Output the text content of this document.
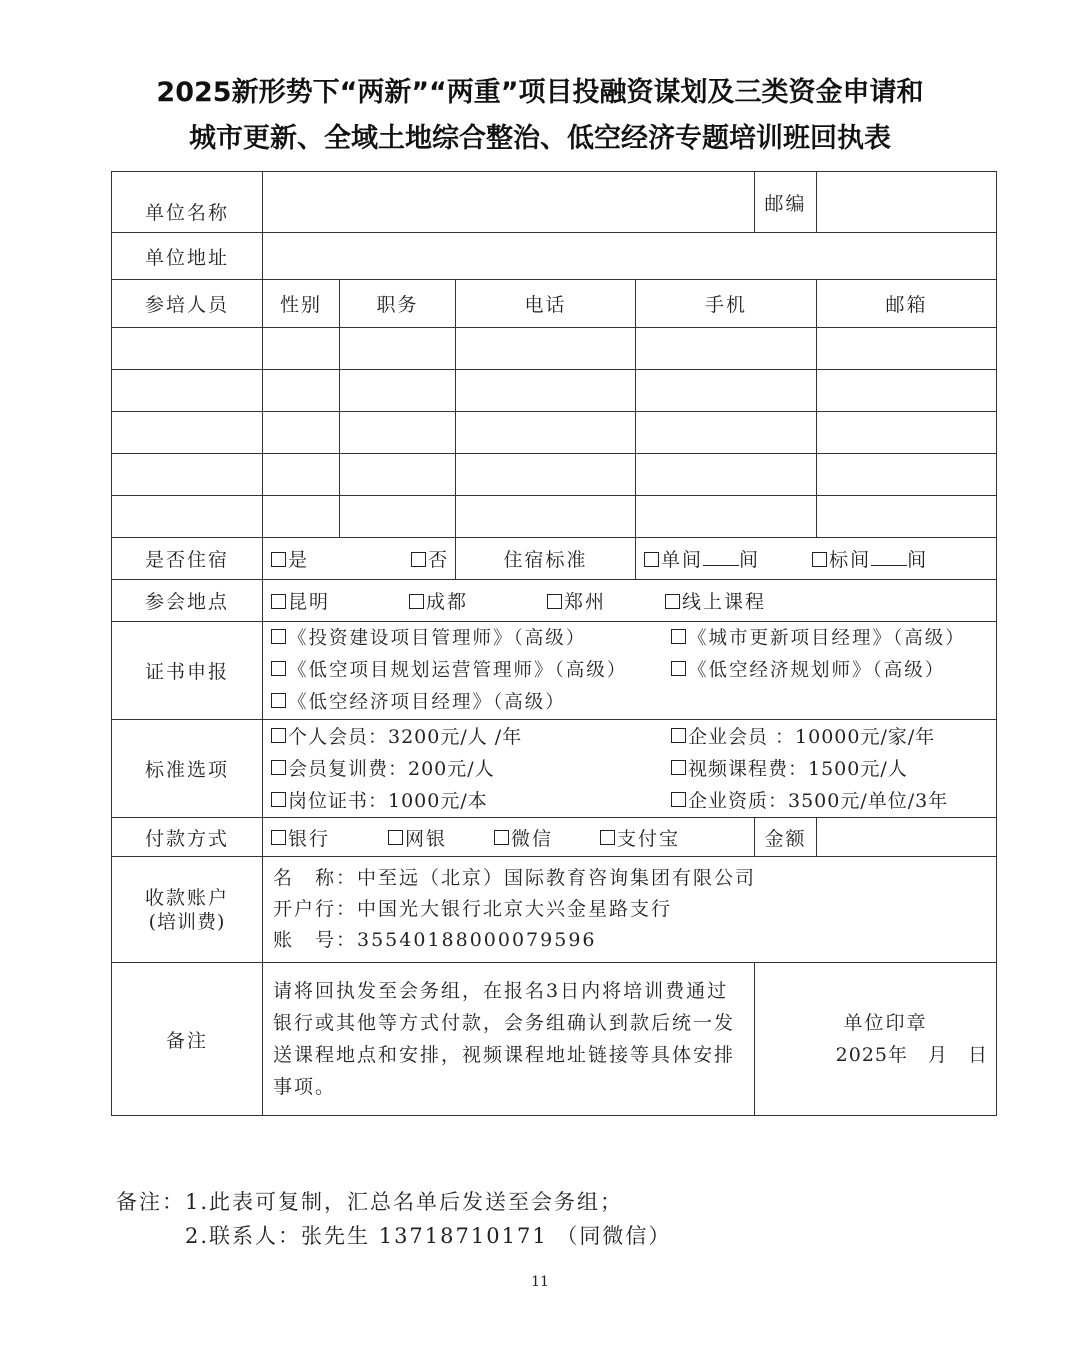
2025新形势下“两新”“两重”项目投融资谋划及三类资金申请和
城市更新、全域土地综合整治、低空经济专题培训班回执表
单位名称					邮编	
单位地址						
参培人员	性别	职务	电话	手机		邮箱

是否住宿	是 否		住宿标准	单间 间 标间 间		
参会地点	昆明 成都 郑州 线上课程					
证书申报	《投资建设项目管理师》（高级） 《城市更新项目经理》（高级）
《低空项目规划运营管理师》（高级） 《低空经济规划师》（高级）
《低空经济项目经理》（高级）					

标准选项	个人会员：3200元/人 /年 企业会员 ：10000元/家/年
会员复训费：200元/人 视频课程费：1500元/人
岗位证书：1000元/本 企业资质：3500元/单位/3年					

付款方式	银行 网银 微信 支付宝				金额	

收款账户
(培训费)	名　称：中至远（北京）国际教育咨询集团有限公司
开户行：中国光大银行北京大兴金星路支行
账　号：35540188000079596					

备注	请将回执发至会务组，在报名3日内将培训费通过银行或其他等方式付款，会务组确认到款后统一发送课程地点和安排，视频课程地址链接等具体安排事项。				单位印章
2025年　月　日	
备注：1.此表可复制，汇总名单后发送至会务组；
　　　2.联系人：张先生 13718710171 （同微信）
11
